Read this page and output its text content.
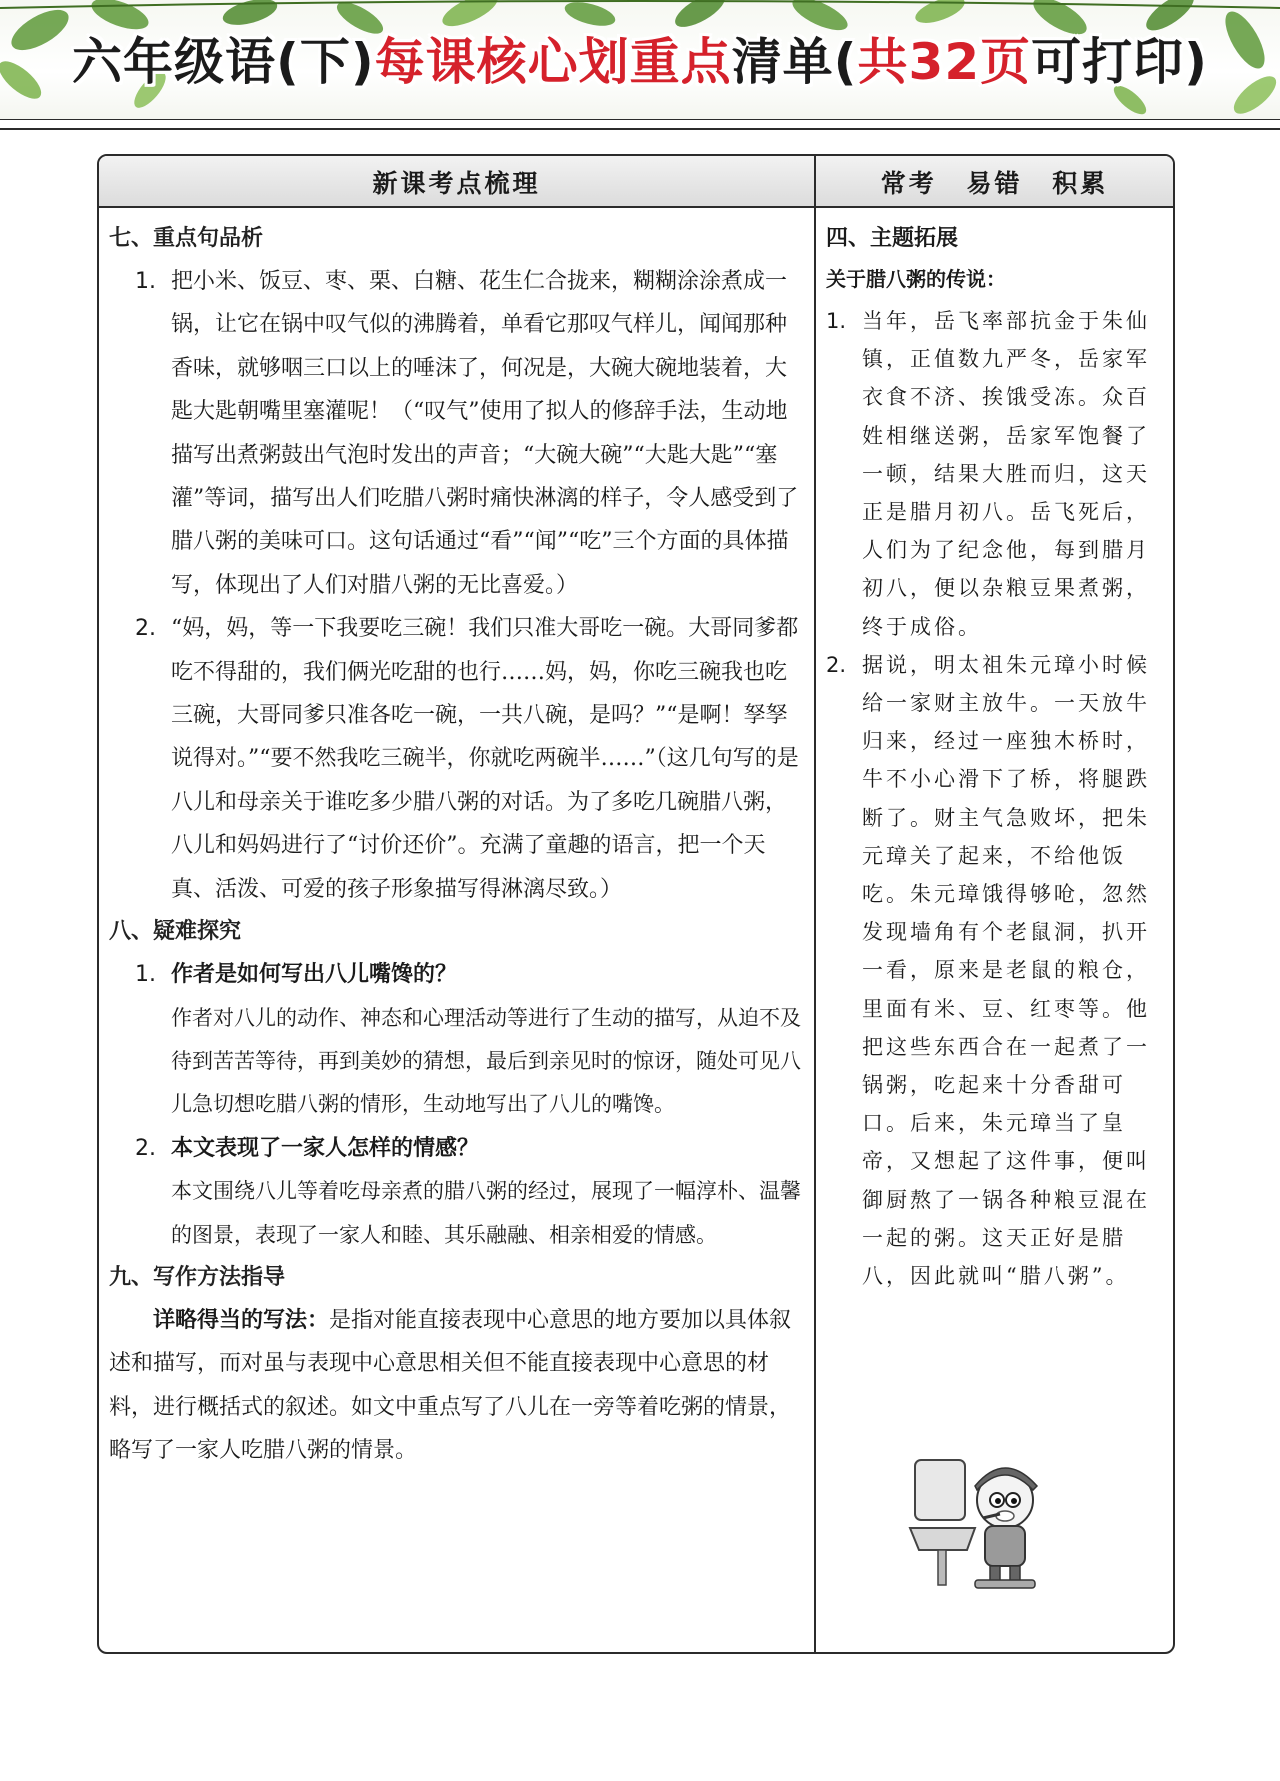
六年级语(下)每课核心划重点清单(共32页可打印)
新课考点梳理	常考 易错 积累
七、重点句品析
1. 把小米、饭豆、枣、栗、白糖、花生仁合拢来，糊糊涂涂煮成一锅，让它在锅中叹气似的沸腾着，单看它那叹气样儿，闻闻那种香味，就够咽三口以上的唾沫了，何况是，大碗大碗地装着，大匙大匙朝嘴里塞灌呢！（“叹气”使用了拟人的修辞手法，生动地描写出煮粥鼓出气泡时发出的声音；“大碗大碗”“大匙大匙”“塞灌”等词，描写出人们吃腊八粥时痛快淋漓的样子，令人感受到了腊八粥的美味可口。这句话通过“看”“闻”“吃”三个方面的具体描写，体现出了人们对腊八粥的无比喜爱。）
2. “妈，妈，等一下我要吃三碗！我们只准大哥吃一碗。大哥同爹都吃不得甜的，我们俩光吃甜的也行……妈，妈，你吃三碗我也吃三碗，大哥同爹只准各吃一碗，一共八碗，是吗？”“是啊！孥孥说得对。”“要不然我吃三碗半，你就吃两碗半……”（这几句写的是八儿和母亲关于谁吃多少腊八粥的对话。为了多吃几碗腊八粥，八儿和妈妈进行了“讨价还价”。充满了童趣的语言，把一个天真、活泼、可爱的孩子形象描写得淋漓尽致。）
八、疑难探究
1. 作者是如何写出八儿嘴馋的？
作者对八儿的动作、神态和心理活动等进行了生动的描写，从迫不及待到苦苦等待，再到美妙的猜想，最后到亲见时的惊讶，随处可见八儿急切想吃腊八粥的情形，生动地写出了八儿的嘴馋。
2. 本文表现了一家人怎样的情感？
本文围绕八儿等着吃母亲煮的腊八粥的经过，展现了一幅淳朴、温馨的图景，表现了一家人和睦、其乐融融、相亲相爱的情感。
九、写作方法指导
详略得当的写法：是指对能直接表现中心意思的地方要加以具体叙述和描写，而对虽与表现中心意思相关但不能直接表现中心意思的材料，进行概括式的叙述。如文中重点写了八儿在一旁等着吃粥的情景，略写了一家人吃腊八粥的情景。
四、主题拓展
关于腊八粥的传说：
1. 当年，岳飞率部抗金于朱仙镇，正值数九严冬，岳家军衣食不济、挨饿受冻。众百姓相继送粥，岳家军饱餐了一顿，结果大胜而归，这天正是腊月初八。岳飞死后，人们为了纪念他，每到腊月初八，便以杂粮豆果煮粥，终于成俗。
2. 据说，明太祖朱元璋小时候给一家财主放牛。一天放牛归来，经过一座独木桥时，牛不小心滑下了桥，将腿跌断了。财主气急败坏，把朱元璋关了起来，不给他饭吃。朱元璋饿得够呛，忽然发现墙角有个老鼠洞，扒开一看，原来是老鼠的粮仓，里面有米、豆、红枣等。他把这些东西合在一起煮了一锅粥，吃起来十分香甜可口。后来，朱元璋当了皇帝，又想起了这件事，便叫御厨熬了一锅各种粮豆混在一起的粥。这天正好是腊八，因此就叫“腊八粥”。
